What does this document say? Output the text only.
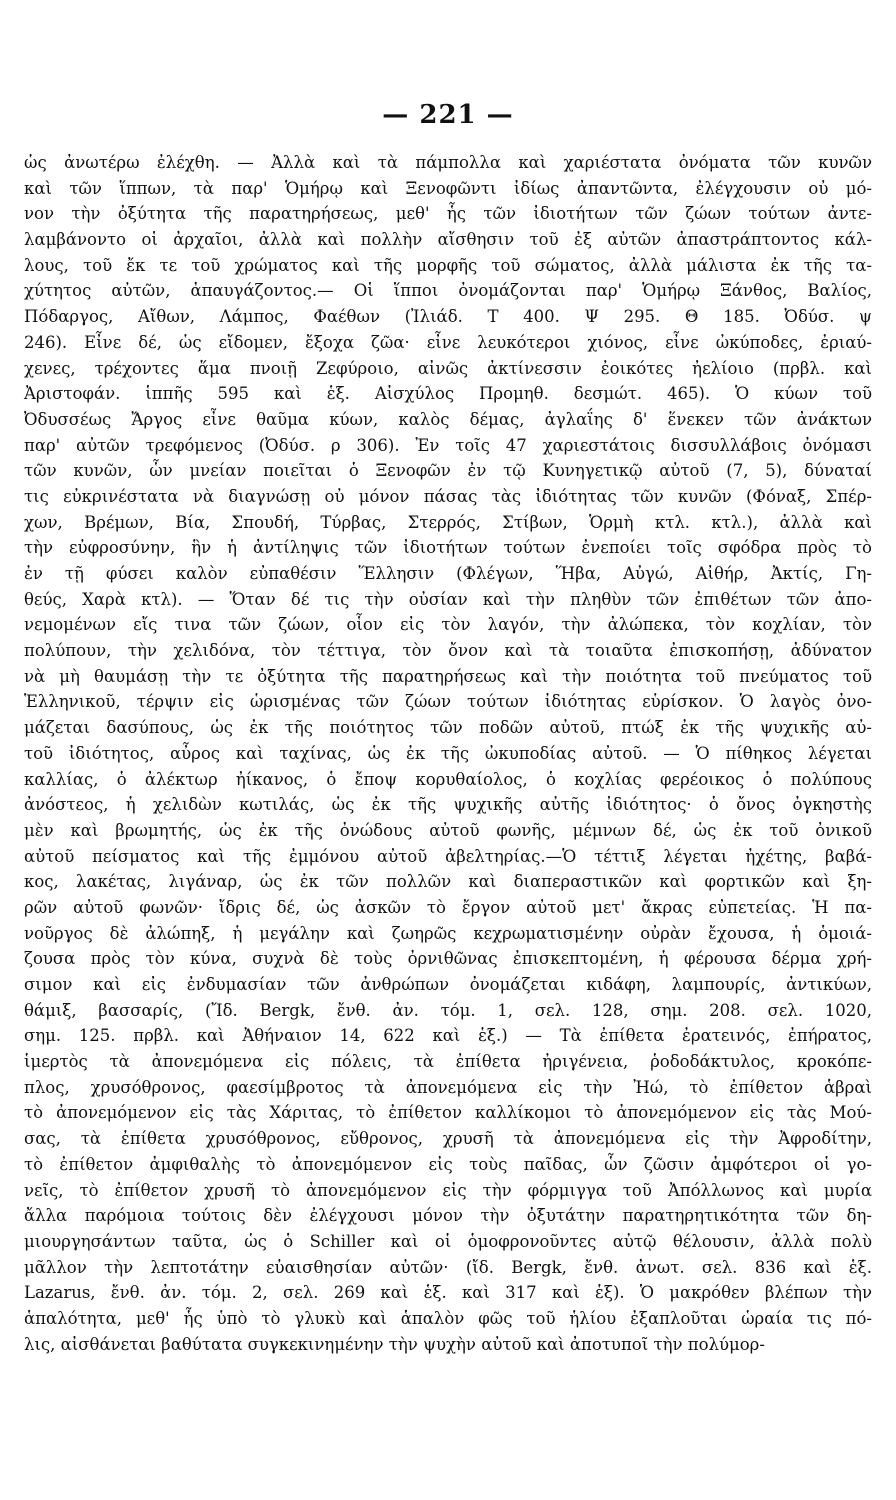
— 221 —
ὡς ἀνωτέρω ἐλέχθη. — Ἀλλὰ καὶ τὰ πάμπολλα καὶ χαριέστατα ὀνόματα τῶν κυνῶν
καὶ τῶν ἵππων, τὰ παρ' Ὁμήρῳ καὶ Ξενοφῶντι ἰδίως ἀπαντῶντα, ἐλέγχουσιν οὐ μό-
νον τὴν ὀξύτητα τῆς παρατηρήσεως, μεθ' ἧς τῶν ἰδιοτήτων τῶν ζώων τούτων ἀντε-
λαμβάνοντο οἱ ἀρχαῖοι, ἀλλὰ καὶ πολλὴν αἴσθησιν τοῦ ἐξ αὐτῶν ἀπαστράπτοντος κάλ-
λους, τοῦ ἔκ τε τοῦ χρώματος καὶ τῆς μορφῆς τοῦ σώματος, ἀλλὰ μάλιστα ἐκ τῆς τα-
χύτητος αὐτῶν, ἀπαυγάζοντος.— Οἱ ἵπποι ὀνομάζονται παρ' Ὁμήρῳ Ξάνθος, Βαλίος,
Πόδαργος, Αἴθων, Λάμπος, Φαέθων (Ἰλιάδ. Τ 400. Ψ 295. Θ 185. Ὀδύσ. ψ
246). Εἶνε δέ, ὡς εἴδομεν, ἔξοχα ζῶα· εἶνε λευκότεροι χιόνος, εἶνε ὠκύποδες, ἐριαύ-
χενες, τρέχοντες ἅμα πνοιῇ Ζεφύροιο, αἰνῶς ἀκτίνεσσιν ἐοικότες ἠελίοιο (πρβλ. καὶ
Ἀριστοφάν. ἱππῆς 595 καὶ ἑξ. Αἰσχύλος Προμηθ. δεσμώτ. 465). Ὁ κύων τοῦ
Ὀδυσσέως Ἄργος εἶνε θαῦμα κύων, καλὸς δέμας, ἀγλαΐης δ' ἕνεκεν τῶν ἀνάκτων
παρ' αὐτῶν τρεφόμενος (Ὀδύσ. ρ 306). Ἐν τοῖς 47 χαριεστάτοις δισσυλλάβοις ὀνόμασι
τῶν κυνῶν, ὧν μνείαν ποιεῖται ὁ Ξενοφῶν ἐν τῷ Κυνηγετικῷ αὐτοῦ (7, 5), δύναταί
τις εὐκρινέστατα νὰ διαγνώσῃ οὐ μόνον πάσας τὰς ἰδιότητας τῶν κυνῶν (Φόναξ, Σπέρ-
χων, Βρέμων, Βία, Σπουδή, Τύρβας, Στερρός, Στίβων, Ὁρμὴ κτλ. κτλ.), ἀλλὰ καὶ
τὴν εὐφροσύνην, ἣν ἡ ἀντίληψις τῶν ἰδιοτήτων τούτων ἐνεποίει τοῖς σφόδρα πρὸς τὸ
ἐν τῇ φύσει καλὸν εὐπαθέσιν Ἕλλησιν (Φλέγων, Ἥβα, Αὐγώ, Αἰθήρ, Ἀκτίς, Γη-
θεύς, Χαρὰ κτλ). — Ὅταν δέ τις τὴν οὐσίαν καὶ τὴν πληθὺν τῶν ἐπιθέτων τῶν ἀπο-
νεμομένων εἴς τινα τῶν ζώων, οἷον εἰς τὸν λαγόν, τὴν ἀλώπεκα, τὸν κοχλίαν, τὸν
πολύπουν, τὴν χελιδόνα, τὸν τέττιγα, τὸν ὄνον καὶ τὰ τοιαῦτα ἐπισκοπήσῃ, ἀδύνατον
νὰ μὴ θαυμάσῃ τὴν τε ὀξύτητα τῆς παρατηρήσεως καὶ τὴν ποιότητα τοῦ πνεύματος τοῦ
Ἑλληνικοῦ, τέρψιν εἰς ὡρισμένας τῶν ζώων τούτων ἰδιότητας εὑρίσκον. Ὁ λαγὸς ὀνο-
μάζεται δασύπους, ὡς ἐκ τῆς ποιότητος τῶν ποδῶν αὐτοῦ, πτώξ ἐκ τῆς ψυχικῆς αὐ-
τοῦ ἰδιότητος, αὖρος καὶ ταχίνας, ὡς ἐκ τῆς ὠκυποδίας αὐτοῦ. — Ὁ πίθηκος λέγεται
καλλίας, ὁ ἀλέκτωρ ἠίκανος, ὁ ἔποψ κορυθαίολος, ὁ κοχλίας φερέοικος ὁ πολύπους
ἀνόστεος, ἡ χελιδὼν κωτιλάς, ὡς ἐκ τῆς ψυχικῆς αὐτῆς ἰδιότητος· ὁ ὄνος ὀγκηστὴς
μὲν καὶ βρωμητής, ὡς ἐκ τῆς ὀνώδους αὐτοῦ φωνῆς, μέμνων δέ, ὡς ἐκ τοῦ ὀνικοῦ
αὐτοῦ πείσματος καὶ τῆς ἐμμόνου αὐτοῦ ἀβελτηρίας.—Ὁ τέττιξ λέγεται ἠχέτης, βαβά-
κος, λακέτας, λιγάναρ, ὡς ἐκ τῶν πολλῶν καὶ διαπεραστικῶν καὶ φορτικῶν καὶ ξη-
ρῶν αὐτοῦ φωνῶν· ἴδρις δέ, ὡς ἀσκῶν τὸ ἔργον αὐτοῦ μετ' ἄκρας εὐπετείας. Ἡ πα-
νοῦργος δὲ ἀλώπηξ, ἡ μεγάλην καὶ ζωηρῶς κεχρωματισμένην οὐρὰν ἔχουσα, ἡ ὁμοιά-
ζουσα πρὸς τὸν κύνα, συχνὰ δὲ τοὺς ὀρνιθῶνας ἐπισκεπτομένη, ἡ φέρουσα δέρμα χρή-
σιμον καὶ εἰς ἐνδυμασίαν τῶν ἀνθρώπων ὀνομάζεται κιδάφη, λαμπουρίς, ἀντικύων,
θάμιξ, βασσαρίς, (Ἴδ. Bergk, ἔνθ. ἀν. τόμ. 1, σελ. 128, σημ. 208. σελ. 1020,
σημ. 125. πρβλ. καὶ Ἀθήναιον 14, 622 καὶ ἑξ.) — Τὰ ἐπίθετα ἐρατεινός, ἐπήρατος,
ἱμερτὸς τὰ ἀπονεμόμενα εἰς πόλεις, τὰ ἐπίθετα ἠριγένεια, ῥοδοδάκτυλος, κροκόπε-
πλος, χρυσόθρονος, φαεσίμβροτος τὰ ἀπονεμόμενα εἰς τὴν Ἠώ, τὸ ἐπίθετον ἁβραὶ
τὸ ἀπονεμόμενον εἰς τὰς Χάριτας, τὸ ἐπίθετον καλλίκομοι τὸ ἀπονεμόμενον εἰς τὰς Μού-
σας, τὰ ἐπίθετα χρυσόθρονος, εὔθρονος, χρυσῆ τὰ ἀπονεμόμενα εἰς τὴν Ἀφροδίτην,
τὸ ἐπίθετον ἀμφιθαλὴς τὸ ἀπονεμόμενον εἰς τοὺς παῖδας, ὧν ζῶσιν ἀμφότεροι οἱ γο-
νεῖς, τὸ ἐπίθετον χρυσῆ τὸ ἀπονεμόμενον εἰς τὴν φόρμιγγα τοῦ Ἀπόλλωνος καὶ μυρία
ἄλλα παρόμοια τούτοις δὲν ἐλέγχουσι μόνον τὴν ὀξυτάτην παρατηρητικότητα τῶν δη-
μιουργησάντων ταῦτα, ὡς ὁ Schiller καὶ οἱ ὁμοφρονοῦντες αὐτῷ θέλουσιν, ἀλλὰ πολὺ
μᾶλλον τὴν λεπτοτάτην εὐαισθησίαν αὐτῶν· (ἴδ. Bergk, ἔνθ. ἀνωτ. σελ. 836 καὶ ἑξ.
Lazarus, ἔνθ. ἀν. τόμ. 2, σελ. 269 καὶ ἑξ. καὶ 317 καὶ ἑξ). Ὁ μακρόθεν βλέπων τὴν
ἁπαλότητα, μεθ' ἧς ὑπὸ τὸ γλυκὺ καὶ ἁπαλὸν φῶς τοῦ ἡλίου ἐξαπλοῦται ὡραία τις πό-
λις, αἰσθάνεται βαθύτατα συγκεκινημένην τὴν ψυχὴν αὐτοῦ καὶ ἀποτυποῖ τὴν πολύμορ-
